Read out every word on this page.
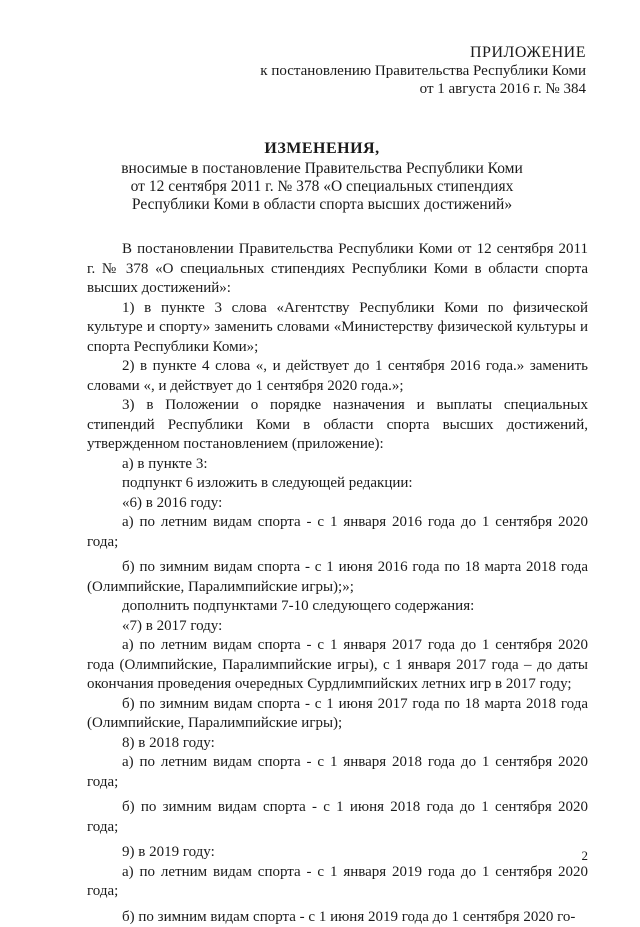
ПРИЛОЖЕНИЕ
к постановлению Правительства Республики Коми
от 1 августа 2016 г. № 384
ИЗМЕНЕНИЯ,
вносимые в постановление Правительства Республики Коми
от 12 сентября 2011 г. № 378 «О специальных стипендиях
Республики Коми в области спорта высших достижений»

В постановлении Правительства Республики Коми от 12 сентября 2011 г. № 378 «О специальных стипендиях Республики Коми в области спорта высших достижений»:

1) в пункте 3 слова «Агентству Республики Коми по физической культуре и спорту» заменить словами «Министерству физической культуры и спорта Республики Коми»;

2) в пункте 4 слова «, и действует до 1 сентября 2016 года.» заменить словами «, и действует до 1 сентября 2020 года.»;

3) в Положении о порядке назначения и выплаты специальных стипендий Республики Коми в области спорта высших достижений, утвержденном постановлением (приложение):

а) в пункте 3:

подпункт 6 изложить в следующей редакции:

«6) в 2016 году:

а) по летним видам спорта - с 1 января 2016 года до 1 сентября 2020 года;

б) по зимним видам спорта - с 1 июня 2016 года по 18 марта 2018 года (Олимпийские, Паралимпийские игры);»;

дополнить подпунктами 7-10 следующего содержания:

«7) в 2017 году:

а) по летним видам спорта - с 1 января 2017 года до 1 сентября 2020 года (Олимпийские, Паралимпийские игры), с 1 января 2017 года – до даты окончания проведения очередных Сурдлимпийских летних игр в 2017 году;

б) по зимним видам спорта - с 1 июня 2017 года по 18 марта 2018 года (Олимпийские, Паралимпийские игры);

8) в 2018 году:

а) по летним видам спорта - с 1 января 2018 года до 1 сентября 2020 года;

б) по зимним видам спорта - с 1 июня 2018 года до 1 сентября 2020 года;

9) в 2019 году:

а) по летним видам спорта - с 1 января 2019 года до 1 сентября 2020 года;

б) по зимним видам спорта - с 1 июня 2019 года до 1 сентября 2020 го-

2
